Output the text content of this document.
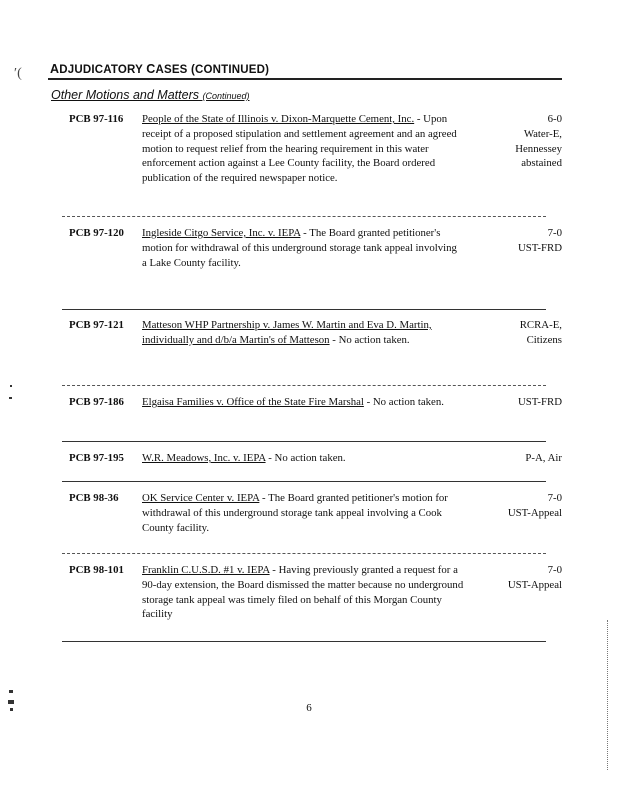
′( ADJUDICATORY CASES (CONTINUED)
Other Motions and Matters (Continued)
PCB 97-116 People of the State of Illinois v. Dixon-Marquette Cement, Inc. - Upon receipt of a proposed stipulation and settlement agreement and an agreed motion to request relief from the hearing requirement in this water enforcement action against a Lee County facility, the Board ordered publication of the required newspaper notice.
6-0
Water-E,
Hennessey
abstained
PCB 97-120 Ingleside Citgo Service, Inc. v. IEPA - The Board granted petitioner's motion for withdrawal of this underground storage tank appeal involving a Lake County facility.
7-0
UST-FRD
PCB 97-121 Matteson WHP Partnership v. James W. Martin and Eva D. Martin, individually and d/b/a Martin's of Matteson - No action taken.
RCRA-E,
Citizens
PCB 97-186 Elgaisa Families v. Office of the State Fire Marshal - No action taken.	UST-FRD
PCB 97-195 W.R. Meadows, Inc. v. IEPA - No action taken.	P-A, Air
PCB 98-36 OK Service Center v. IEPA - The Board granted petitioner's motion for withdrawal of this underground storage tank appeal involving a Cook County facility.
7-0
UST-Appeal
PCB 98-101 Franklin C.U.S.D. #1 v. IEPA - Having previously granted a request for a 90-day extension, the Board dismissed the matter because no underground storage tank appeal was timely filed on behalf of this Morgan County facility
7-0
UST-Appeal
6
